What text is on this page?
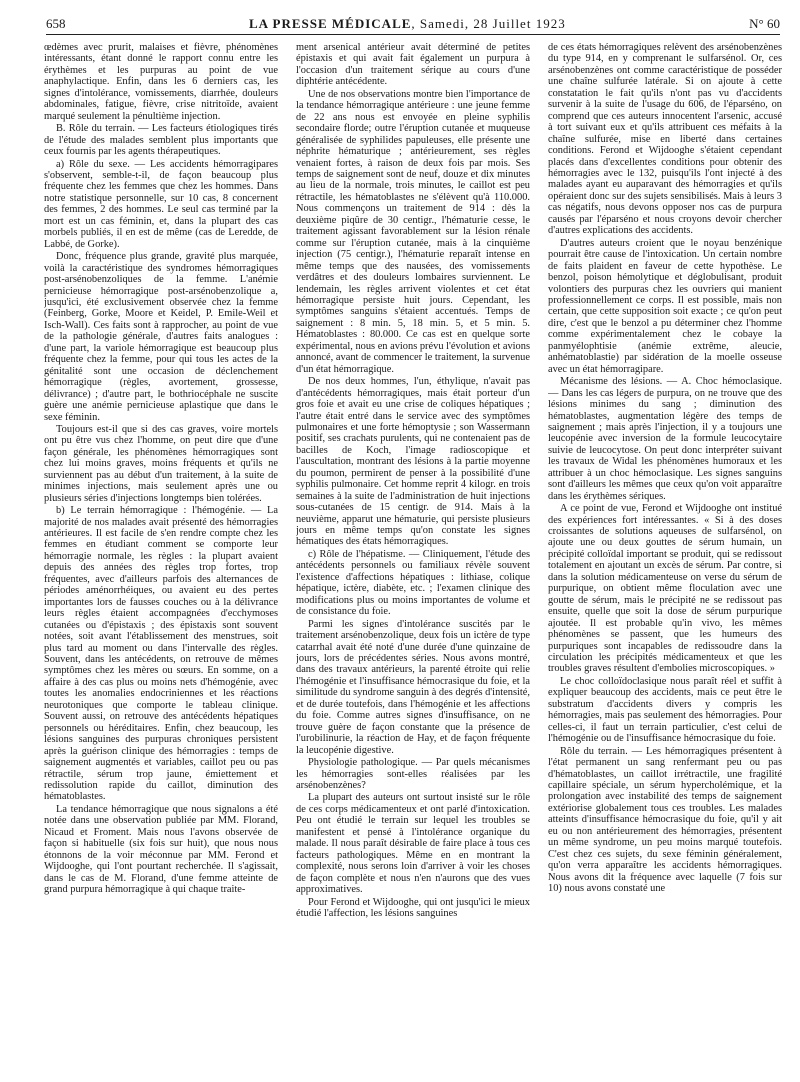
658	LA PRESSE MÉDICALE, Samedi, 28 Juillet 1923	N° 60

œdèmes avec prurit, malaises et fièvre, phénomènes intéressants, étant donné le rapport connu entre les érythèmes et les purpuras au point de vue anaphylactique. Enfin, dans les 6 derniers cas, les signes d'intolérance, vomissements, diarrhée, douleurs abdominales, fatigue, fièvre, crise nitritoïde, avaient marqué seulement la pénultième injection.

B. Rôle du terrain. — Les facteurs étiologiques tirés de l'étude des malades semblent plus importants que ceux fournis par les agents thérapeutiques.

a) Rôle du sexe. — Les accidents hémorragipares s'observent, semble-t-il, de façon beaucoup plus fréquente chez les femmes que chez les hommes. Dans notre statistique personnelle, sur 10 cas, 8 concernent des femmes, 2 des hommes. Le seul cas terminé par la mort est un cas féminin, et, dans la plupart des cas morbels publiés, il en est de même (cas de Leredde, de Labbé, de Gorke).

Donc, fréquence plus grande, gravité plus marquée, voilà la caractéristique des syndromes hémorragiques post-arsénobenzoliques de la femme. L'anémie pernicieuse hémorragique post-arsénobenzolique a, jusqu'ici, été exclusivement observée chez la femme (Feinberg, Gorke, Moore et Keidel, P. Emile-Weil et Isch-Wall). Ces faits sont à rapprocher, au point de vue de la pathologie générale, d'autres faits analogues : d'une part, la variole hémorragique est beaucoup plus fréquente chez la femme, pour qui tous les actes de la génitalité sont une occasion de déclenchement hémorragique (règles, avortement, grossesse, délivrance) ; d'autre part, le bothriocéphale ne suscite guère une anémie pernicieuse aplastique que dans le sexe féminin.

Toujours est-il que si des cas graves, voire mortels ont pu être vus chez l'homme, on peut dire que d'une façon générale, les phénomènes hémorragiques sont chez lui moins graves, moins fréquents et qu'ils ne surviennent pas au début d'un traitement, à la suite de minimes injections, mais seulement après une ou plusieurs séries d'injections longtemps bien tolérées.

b) Le terrain hémorragique : l'hémogénie. — La majorité de nos malades avait présenté des hémorragies antérieures. Il est facile de s'en rendre compte chez les femmes en étudiant comment se comporte leur hémorragie normale, les règles : la plupart avaient depuis des années des règles trop fortes, trop fréquentes, avec d'ailleurs parfois des alternances de périodes aménorrhéiques, ou avaient eu des pertes importantes lors de fausses couches ou à la délivrance leurs règles étaient accompagnées d'ecchymoses cutanées ou d'épistaxis ; des épistaxis sont souvent notées, soit avant l'établissement des menstrues, soit plus tard au moment ou dans l'intervalle des règles. Souvent, dans les antécédents, on retrouve de mêmes symptômes chez les mères ou sœurs. En somme, on a affaire à des cas plus ou moins nets d'hémogénie, avec toutes les anomalies endocriniennes et les réactions neurotoniques que comporte le tableau clinique. Souvent aussi, on retrouve des antécédents hépatiques personnels ou héréditaires. Enfin, chez beaucoup, les lésions sanguines des purpuras chroniques persistent après la guérison clinique des hémorragies : temps de saignement augmentés et variables, caillot peu ou pas rétractile, sérum trop jaune, émiettement et redissolution rapide du caillot, diminution des hématoblastes.

La tendance hémorragique que nous signalons a été notée dans une observation publiée par MM. Florand, Nicaud et Froment. Mais nous l'avons observée de façon si habituelle (six fois sur huit), que nous nous étonnons de la voir méconnue par MM. Ferond et Wijdooghe, qui l'ont pourtant recherchée. Il s'agissait, dans le cas de M. Florand, d'une femme atteinte de grand purpura hémorragique à qui chaque traite-

ment arsenical antérieur avait déterminé de petites épistaxis et qui avait fait également un purpura à l'occasion d'un traitement sérique au cours d'une diphtérie antécédente.

Une de nos observations montre bien l'importance de la tendance hémorragique antérieure : une jeune femme de 22 ans nous est envoyée en pleine syphilis secondaire florde; outre l'éruption cutanée et muqueuse généralisée de syphilides papuleuses, elle présente une néphrite hématurique ; antérieurement, ses règles venaient fortes, à raison de deux fois par mois. Ses temps de saignement sont de neuf, douze et dix minutes au lieu de la normale, trois minutes, le caillot est peu rétractile, les hématoblastes ne s'élèvent qu'à 110.000. Nous commençons un traitement de 914 : dès la deuxième piqûre de 30 centigr., l'hématurie cesse, le traitement agissant favorablement sur la lésion rénale comme sur l'éruption cutanée, mais à la cinquième injection (75 centigr.), l'hématurie reparaît intense en même temps que des nausées, des vomissements verdâtres et des douleurs lombaires surviennent. Le lendemain, les règles arrivent violentes et cet état hémorragique persiste huit jours. Cependant, les symptômes sanguins s'étaient accentués. Temps de saignement : 8 min. 5, 18 min. 5, et 5 min. 5. Hématoblastes : 80.000. Ce cas est en quelque sorte expérimental, nous en avions prévu l'évolution et avions annoncé, avant de commencer le traitement, la survenue d'un état hémorragique.

De nos deux hommes, l'un, éthylique, n'avait pas d'antécédents hémorragiques, mais était porteur d'un gros foie et avait eu une crise de coliques hépatiques ; l'autre était entré dans le service avec des symptômes pulmonaires et une forte hémoptysie ; son Wassermann positif, ses crachats purulents, qui ne contenaient pas de bacilles de Koch, l'image radioscopique et l'auscultation, montrant des lésions à la partie moyenne du poumon, permirent de penser à la possibilité d'une syphilis pulmonaire. Cet homme reprit 4 kilogr. en trois semaines à la suite de l'administration de huit injections sous-cutanées de 15 centigr. de 914. Mais à la neuvième, apparut une hématurie, qui persiste plusieurs jours en même temps qu'on constate les signes hématiques des états hémorragiques.

c) Rôle de l'hépatisme. — Cliniquement, l'étude des antécédents personnels ou familiaux révèle souvent l'existence d'affections hépatiques : lithiase, colique hépatique, ictère, diabète, etc. ; l'examen clinique des modifications plus ou moins importantes de volume et de consistance du foie.

Parmi les signes d'intolérance suscités par le traitement arsénobenzolique, deux fois un ictère de type catarrhal avait été noté d'une durée d'une quinzaine de jours, lors de précédentes séries. Nous avons montré, dans des travaux antérieurs, la parenté étroite qui relie l'hémogénie et l'insuffisance hémocrasique du foie, et la similitude du syndrome sanguin à des degrés d'intensité, et de durée toutefois, dans l'hémogénie et les affections du foie. Comme autres signes d'insuffisance, on ne trouve guère de façon constante que la présence de l'urobilinurie, la réaction de Hay, et de façon fréquente la leucopénie digestive.

Physiologie pathologique. — Par quels mécanismes les hémorragies sont-elles réalisées par les arsénobenzènes?

La plupart des auteurs ont surtout insisté sur le rôle de ces corps médicamenteux et ont parlé d'intoxication. Peu ont étudié le terrain sur lequel les troubles se manifestent et pensé à l'intolérance organique du malade. Il nous paraît désirable de faire place à tous ces facteurs pathologiques. Même en en montrant la complexité, nous serons loin d'arriver à voir les choses de façon complète et nous n'en n'aurons que des vues approximatives.

Pour Ferond et Wijdooghe, qui ont jusqu'ici le mieux étudié l'affection, les lésions sanguines

de ces états hémorragiques relèvent des arsénobenzènes du type 914, en y comprenant le sulfarsénol. Or, ces arsénobenzènes ont comme caractéristique de posséder une chaîne sulfurée latérale. Si on ajoute à cette constatation le fait qu'ils n'ont pas vu d'accidents survenir à la suite de l'usage du 606, de l'éparséno, on comprend que ces auteurs innocentent l'arsenic, accusé à tort suivant eux et qu'ils attribuent ces méfaits à la chaîne sulfurée, mise en liberté dans certaines conditions. Ferond et Wijdooghe s'étaient cependant placés dans d'excellentes conditions pour obtenir des hémorragies avec le 132, puisqu'ils l'ont injecté à des malades ayant eu auparavant des hémorragies et qu'ils opéraient donc sur des sujets sensibilisés. Mais à leurs 3 cas négatifs, nous devons opposer nos cas de purpura causés par l'éparséno et nous croyons devoir chercher d'autres explications des accidents.

D'autres auteurs croient que le noyau benzénique pourrait être cause de l'intoxication. Un certain nombre de faits plaident en faveur de cette hypothèse. Le benzol, poison hémolytique et déglobulisant, produit volontiers des purpuras chez les ouvriers qui manient professionnellement ce corps. Il est possible, mais non certain, que cette supposition soit exacte ; ce qu'on peut dire, c'est que le benzol a pu déterminer chez l'homme comme expérimentalement chez le cobaye la panmyélophtisie (anémie extrême, aleucie, anhématoblastie) par sidération de la moelle osseuse avec un état hémorragipare.

Mécanisme des lésions. — A. Choc hémoclasique. — Dans les cas légers de purpura, on ne trouve que des lésions minimes du sang ; diminution des hématoblastes, augmentation légère des temps de saignement ; mais après l'injection, il y a toujours une leucopénie avec inversion de la formule leucocytaire suivie de leucocytose. On peut donc interpréter suivant les travaux de Widal les phénomènes humoraux et les attribuer à un choc hémoclasique. Les signes sanguins sont d'ailleurs les mêmes que ceux qu'on voit apparaître dans les érythèmes sériques.

A ce point de vue, Ferond et Wijdooghe ont institué des expériences fort intéressantes. « Si à des doses croissantes de solutions aqueuses de sulfarsénol, on ajoute une ou deux gouttes de sérum humain, un précipité colloïdal important se produit, qui se redissout totalement en ajoutant un excès de sérum. Par contre, si dans la solution médicamenteuse on verse du sérum de purpurique, on obtient même floculation avec une goutte de sérum, mais le précipité ne se redissout pas ensuite, quelle que soit la dose de sérum purpurique ajoutée. Il est probable qu'in vivo, les mêmes phénomènes se passent, que les humeurs des purpuriques sont incapables de redissoudre dans la circulation les précipités médicamenteux et que les troubles graves résultent d'embolies microscopiques. »

Le choc colloïdoclasique nous paraît réel et suffit à expliquer beaucoup des accidents, mais ce peut être le substratum d'accidents divers y compris les hémorragies, mais pas seulement des hémorragies. Pour celles-ci, il faut un terrain particulier, c'est celui de l'hémogénie ou de l'insuffisance hémocrasique du foie.

Rôle du terrain. — Les hémorragiques présentent à l'état permanent un sang renfermant peu ou pas d'hématoblastes, un caillot irrétractile, une fragilité capillaire spéciale, un sérum hypercholémique, et la prolongation avec instabilité des temps de saignement extériorise globalement tous ces troubles. Les malades atteints d'insuffisance hémocrasique du foie, qu'il y ait eu ou non antérieurement des hémorragies, présentent un même syndrome, un peu moins marqué toutefois. C'est chez ces sujets, du sexe féminin généralement, qu'on verra apparaître les accidents hémorragiques. Nous avons dit la fréquence avec laquelle (7 fois sur 10) nous avons constaté une
